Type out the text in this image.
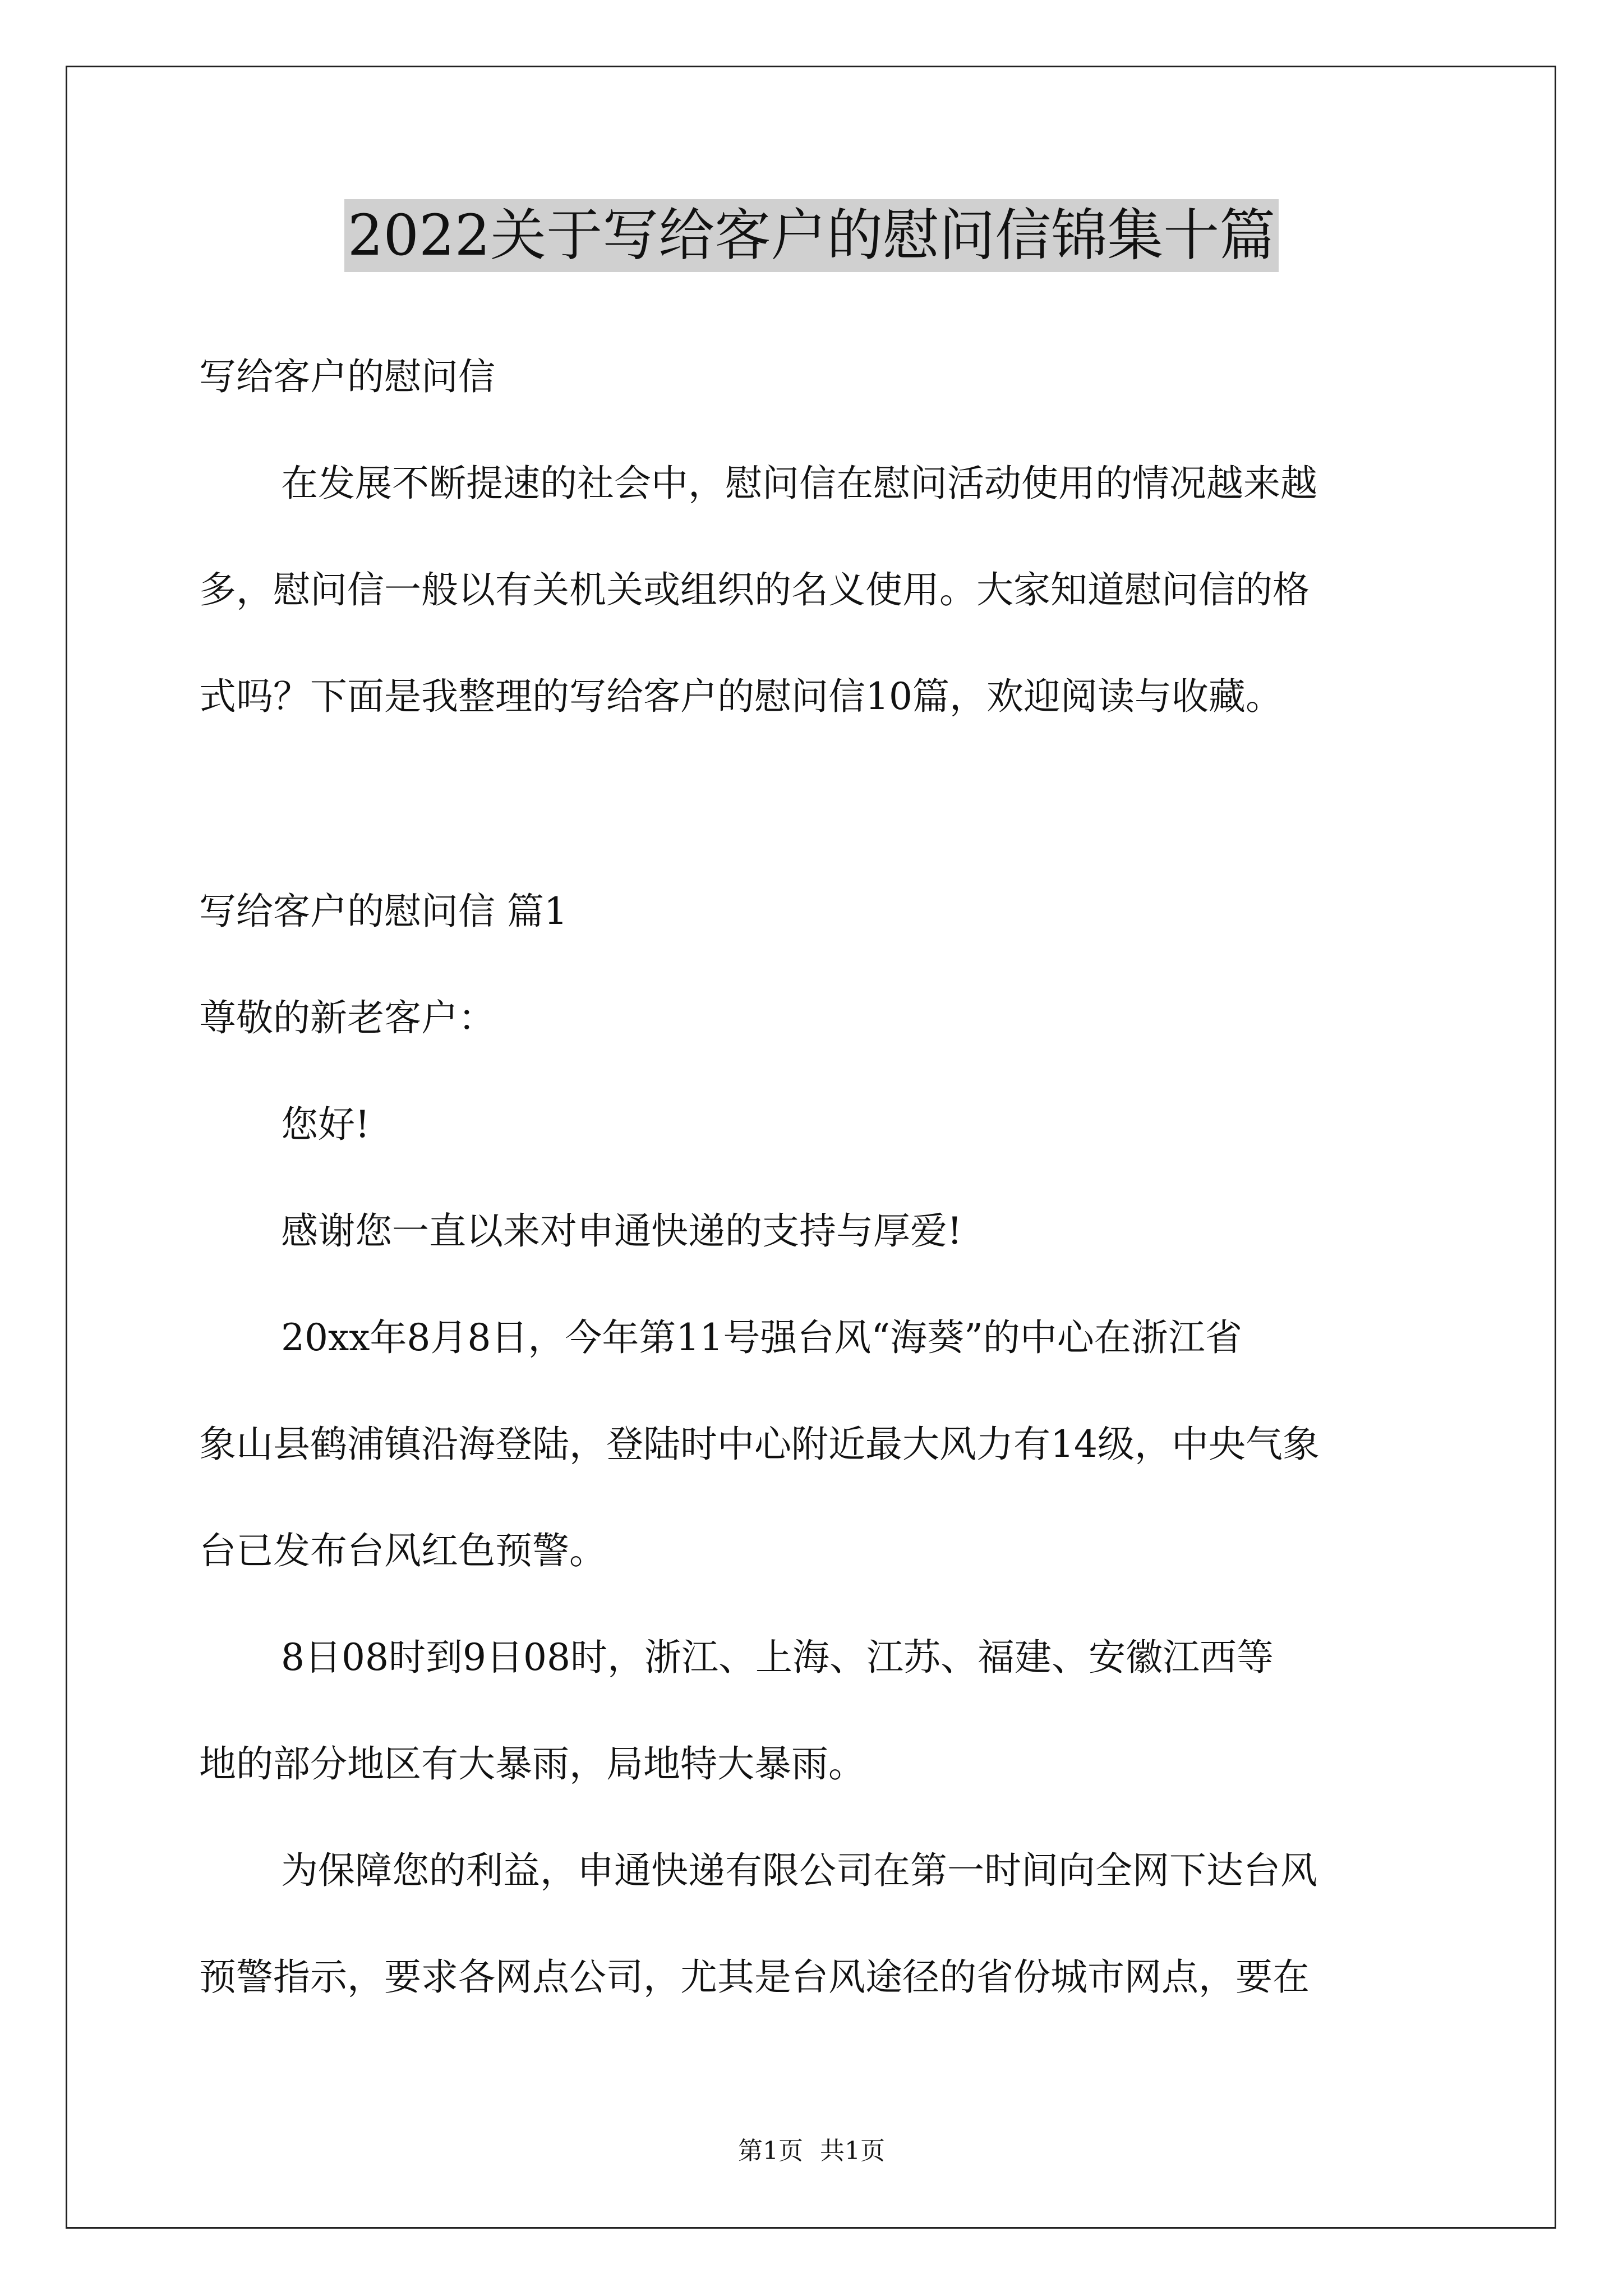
2022关于写给客户的慰问信锦集十篇
写给客户的慰问信
在发展不断提速的社会中，慰问信在慰问活动使用的情况越来越
多，慰问信一般以有关机关或组织的名义使用。大家知道慰问信的格
式吗？下面是我整理的写给客户的慰问信10篇，欢迎阅读与收藏。
写给客户的慰问信 篇1
尊敬的新老客户：
您好!
感谢您一直以来对申通快递的支持与厚爱!
20xx年8月8日，今年第11号强台风“海葵”的中心在浙江省
象山县鹤浦镇沿海登陆，登陆时中心附近最大风力有14级，中央气象
台已发布台风红色预警。
8日08时到9日08时，浙江、上海、江苏、福建、安徽江西等
地的部分地区有大暴雨，局地特大暴雨。
为保障您的利益，申通快递有限公司在第一时间向全网下达台风
预警指示，要求各网点公司，尤其是台风途径的省份城市网点，要在
第1页 共1页
